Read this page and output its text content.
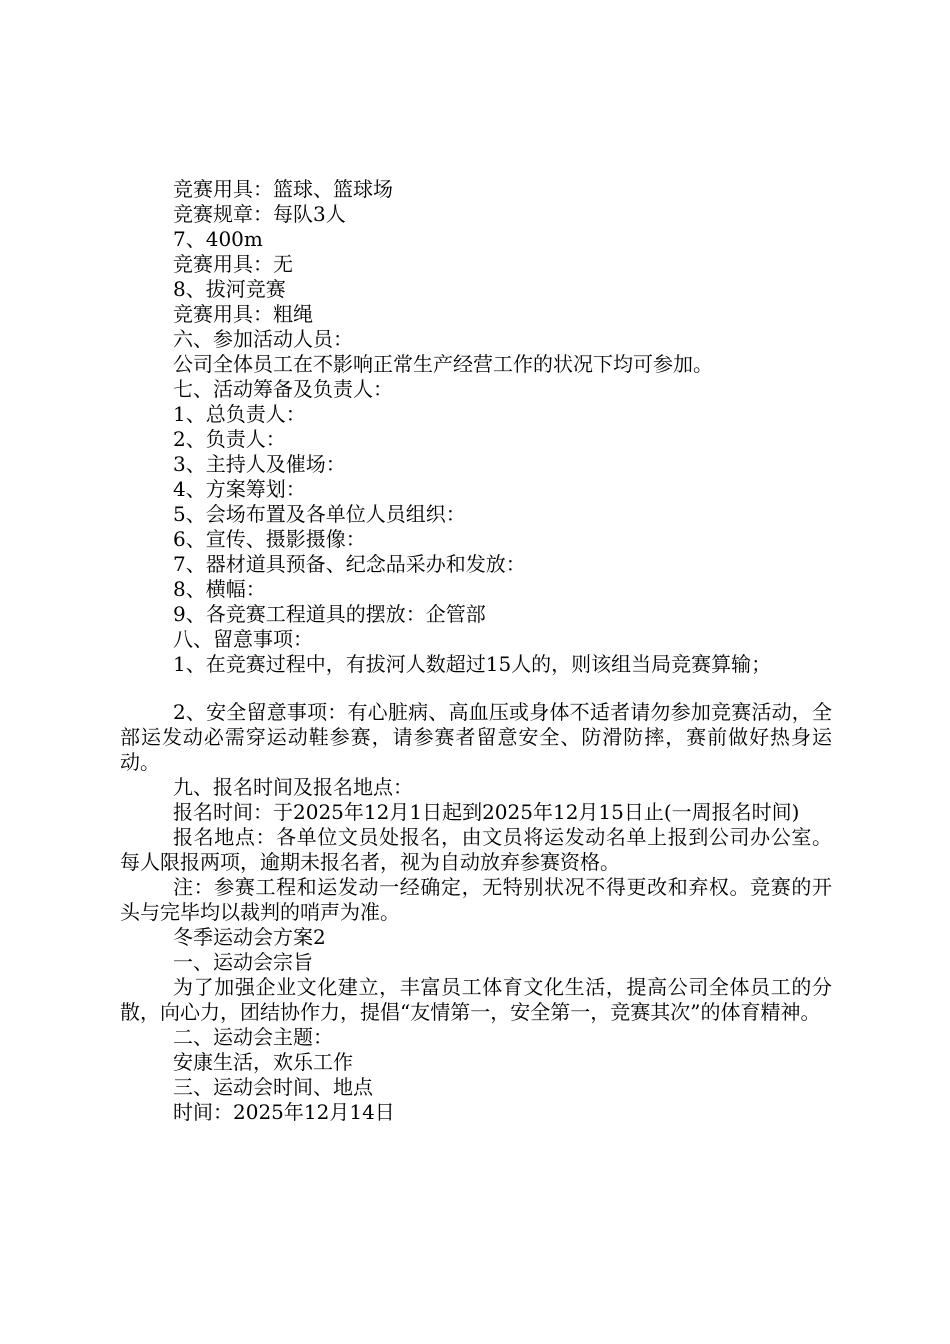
竞赛用具：篮球、篮球场

竞赛规章：每队3人

7、400m

竞赛用具：无

8、拔河竞赛

竞赛用具：粗绳

六、参加活动人员：

公司全体员工在不影响正常生产经营工作的状况下均可参加。

七、活动筹备及负责人：

1、总负责人：

2、负责人：

3、主持人及催场：

4、方案筹划：

5、会场布置及各单位人员组织：

6、宣传、摄影摄像：

7、器材道具预备、纪念品采办和发放：

8、横幅：

9、各竞赛工程道具的摆放：企管部

八、留意事项：

1、在竞赛过程中，有拔河人数超过15人的，则该组当局竞赛算输；

2、安全留意事项：有心脏病、高血压或身体不适者请勿参加竞赛活动，全部运发动必需穿运动鞋参赛，请参赛者留意安全、防滑防摔，赛前做好热身运动。

九、报名时间及报名地点：

报名时间：于2025年12月1日起到2025年12月15日止(一周报名时间)

报名地点：各单位文员处报名，由文员将运发动名单上报到公司办公室。每人限报两项，逾期未报名者，视为自动放弃参赛资格。

注：参赛工程和运发动一经确定，无特别状况不得更改和弃权。竞赛的开头与完毕均以裁判的哨声为准。

冬季运动会方案2

一、运动会宗旨

为了加强企业文化建立，丰富员工体育文化生活，提高公司全体员工的分散，向心力，团结协作力，提倡“友情第一，安全第一，竞赛其次”的体育精神。

二、运动会主题：

安康生活，欢乐工作

三、运动会时间、地点

时间：2025年12月14日
